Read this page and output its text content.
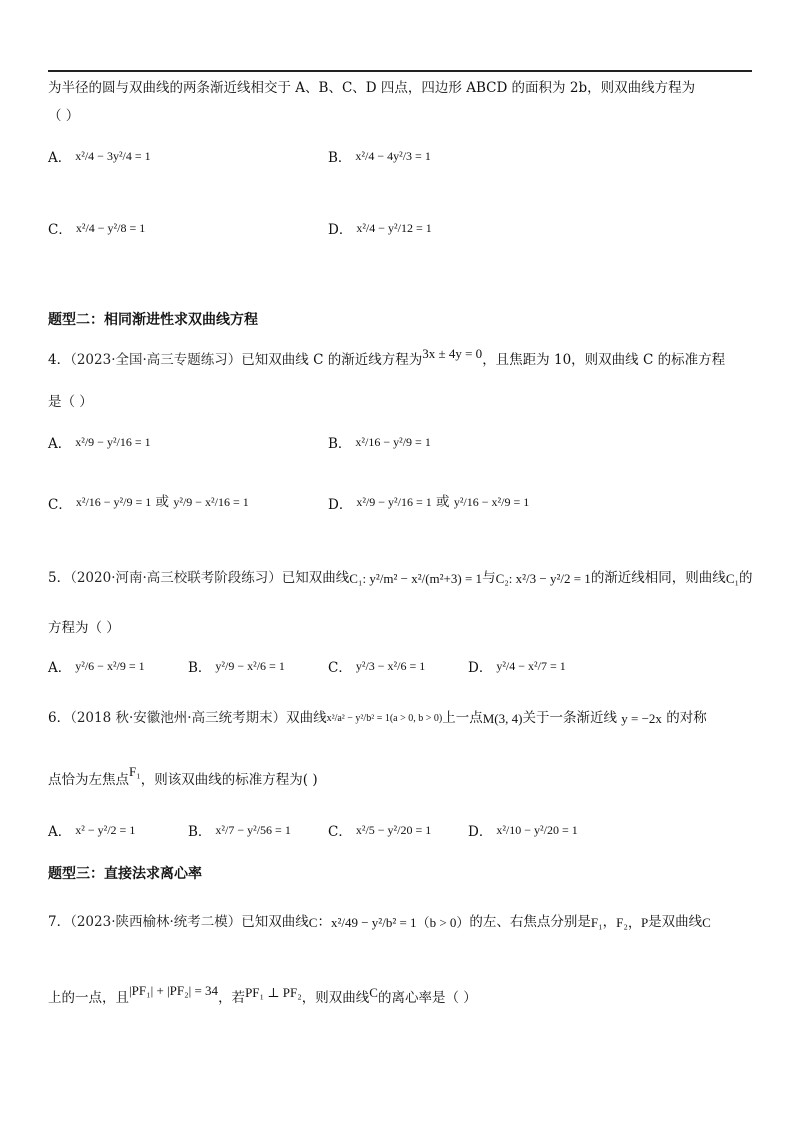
为半径的圆与双曲线的两条渐近线相交于 A、B、C、D 四点，四边形 ABCD 的面积为 2b，则双曲线方程为
（ ）
A． x²/4 − 3y²/4 = 1	B． x²/4 − 4y²/3 = 1
C． x²/4 − y²/8 = 1	D． x²/4 − y²/12 = 1
题型二：相同渐进性求双曲线方程
4．（2023·全国·高三专题练习）已知双曲线 C 的渐近线方程为3x ± 4y = 0，且焦距为 10，则双曲线 C 的标准方程
是（ ）
A． x²/9 − y²/16 = 1	B． x²/16 − y²/9 = 1
C． x²/16 − y²/9 = 1 或 y²/9 − x²/16 = 1	D． x²/9 − y²/16 = 1 或 y²/16 − x²/9 = 1
5．（2020·河南·高三校联考阶段练习）已知双曲线C₁: y²/m² − x²/(m²+3) = 1与C₂: x²/3 − y²/2 = 1的渐近线相同，则曲线C₁的
方程为（ ）
A． y²/6 − x²/9 = 1	B． y²/9 − x²/6 = 1	C． y²/3 − x²/6 = 1	D． y²/4 − x²/7 = 1
6．（2018 秋·安徽池州·高三统考期末）双曲线x²/a² − y²/b² = 1(a > 0, b > 0)上一点M(3, 4)关于一条渐近线 y = −2x 的对称
点恰为左焦点F₁，则该双曲线的标准方程为( )
A． x² − y²/2 = 1	B． x²/7 − y²/56 = 1	C． x²/5 − y²/20 = 1	D． x²/10 − y²/20 = 1
题型三：直接法求离心率
7．（2023·陕西榆林·统考二模）已知双曲线C：x²/49 − y²/b² = 1（b > 0）的左、右焦点分别是F₁，F₂，P是双曲线C
上的一点，且|PF₁| + |PF₂| = 34，若PF₁ ⊥ PF₂，则双曲线C的离心率是（ ）
